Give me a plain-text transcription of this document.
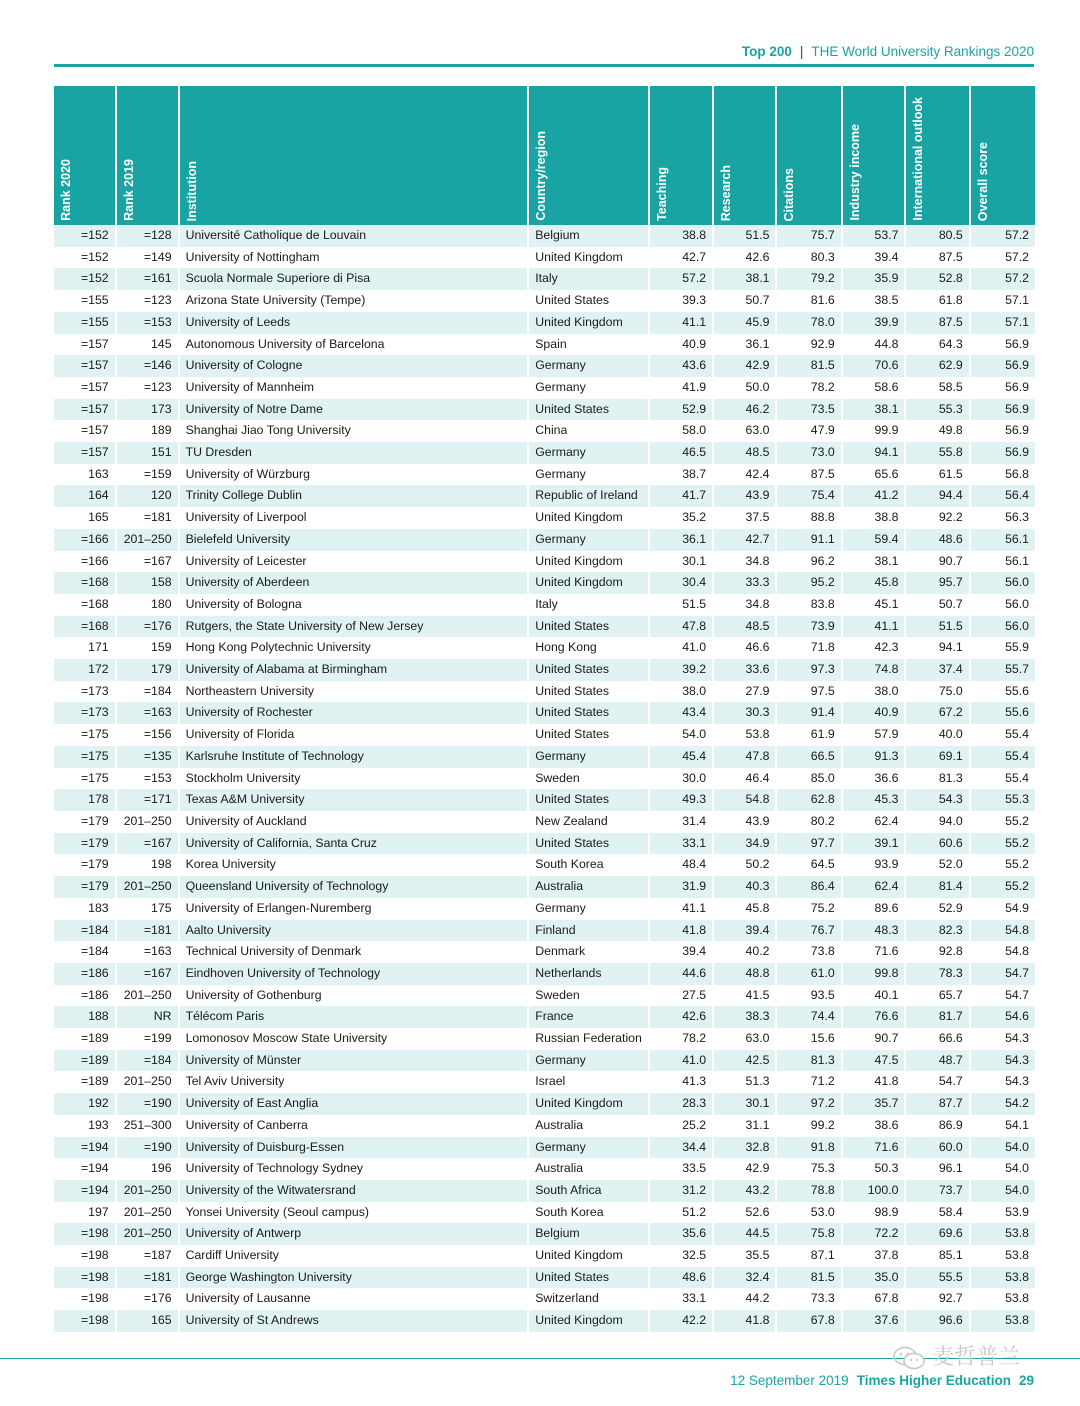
Top 200 | THE World University Rankings 2020
Rank 2020	Rank 2019	Institution	Country/region	Teaching	Research	Citations	Industry income	International outlook	Overall score

=152	=128	Université Catholique de Louvain	Belgium	38.8	51.5	75.7	53.7	80.5	57.2
=152	=149	University of Nottingham	United Kingdom	42.7	42.6	80.3	39.4	87.5	57.2
=152	=161	Scuola Normale Superiore di Pisa	Italy	57.2	38.1	79.2	35.9	52.8	57.2
=155	=123	Arizona State University (Tempe)	United States	39.3	50.7	81.6	38.5	61.8	57.1
=155	=153	University of Leeds	United Kingdom	41.1	45.9	78.0	39.9	87.5	57.1
=157	145	Autonomous University of Barcelona	Spain	40.9	36.1	92.9	44.8	64.3	56.9
=157	=146	University of Cologne	Germany	43.6	42.9	81.5	70.6	62.9	56.9
=157	=123	University of Mannheim	Germany	41.9	50.0	78.2	58.6	58.5	56.9
=157	173	University of Notre Dame	United States	52.9	46.2	73.5	38.1	55.3	56.9
=157	189	Shanghai Jiao Tong University	China	58.0	63.0	47.9	99.9	49.8	56.9
=157	151	TU Dresden	Germany	46.5	48.5	73.0	94.1	55.8	56.9
163	=159	University of Würzburg	Germany	38.7	42.4	87.5	65.6	61.5	56.8
164	120	Trinity College Dublin	Republic of Ireland	41.7	43.9	75.4	41.2	94.4	56.4
165	=181	University of Liverpool	United Kingdom	35.2	37.5	88.8	38.8	92.2	56.3
=166	201–250	Bielefeld University	Germany	36.1	42.7	91.1	59.4	48.6	56.1
=166	=167	University of Leicester	United Kingdom	30.1	34.8	96.2	38.1	90.7	56.1
=168	158	University of Aberdeen	United Kingdom	30.4	33.3	95.2	45.8	95.7	56.0
=168	180	University of Bologna	Italy	51.5	34.8	83.8	45.1	50.7	56.0
=168	=176	Rutgers, the State University of New Jersey	United States	47.8	48.5	73.9	41.1	51.5	56.0
171	159	Hong Kong Polytechnic University	Hong Kong	41.0	46.6	71.8	42.3	94.1	55.9
172	179	University of Alabama at Birmingham	United States	39.2	33.6	97.3	74.8	37.4	55.7
=173	=184	Northeastern University	United States	38.0	27.9	97.5	38.0	75.0	55.6
=173	=163	University of Rochester	United States	43.4	30.3	91.4	40.9	67.2	55.6
=175	=156	University of Florida	United States	54.0	53.8	61.9	57.9	40.0	55.4
=175	=135	Karlsruhe Institute of Technology	Germany	45.4	47.8	66.5	91.3	69.1	55.4
=175	=153	Stockholm University	Sweden	30.0	46.4	85.0	36.6	81.3	55.4
178	=171	Texas A&M University	United States	49.3	54.8	62.8	45.3	54.3	55.3
=179	201–250	University of Auckland	New Zealand	31.4	43.9	80.2	62.4	94.0	55.2
=179	=167	University of California, Santa Cruz	United States	33.1	34.9	97.7	39.1	60.6	55.2
=179	198	Korea University	South Korea	48.4	50.2	64.5	93.9	52.0	55.2
=179	201–250	Queensland University of Technology	Australia	31.9	40.3	86.4	62.4	81.4	55.2
183	175	University of Erlangen-Nuremberg	Germany	41.1	45.8	75.2	89.6	52.9	54.9
=184	=181	Aalto University	Finland	41.8	39.4	76.7	48.3	82.3	54.8
=184	=163	Technical University of Denmark	Denmark	39.4	40.2	73.8	71.6	92.8	54.8
=186	=167	Eindhoven University of Technology	Netherlands	44.6	48.8	61.0	99.8	78.3	54.7
=186	201–250	University of Gothenburg	Sweden	27.5	41.5	93.5	40.1	65.7	54.7
188	NR	Télécom Paris	France	42.6	38.3	74.4	76.6	81.7	54.6
=189	=199	Lomonosov Moscow State University	Russian Federation	78.2	63.0	15.6	90.7	66.6	54.3
=189	=184	University of Münster	Germany	41.0	42.5	81.3	47.5	48.7	54.3
=189	201–250	Tel Aviv University	Israel	41.3	51.3	71.2	41.8	54.7	54.3
192	=190	University of East Anglia	United Kingdom	28.3	30.1	97.2	35.7	87.7	54.2
193	251–300	University of Canberra	Australia	25.2	31.1	99.2	38.6	86.9	54.1
=194	=190	University of Duisburg-Essen	Germany	34.4	32.8	91.8	71.6	60.0	54.0
=194	196	University of Technology Sydney	Australia	33.5	42.9	75.3	50.3	96.1	54.0
=194	201–250	University of the Witwatersrand	South Africa	31.2	43.2	78.8	100.0	73.7	54.0
197	201–250	Yonsei University (Seoul campus)	South Korea	51.2	52.6	53.0	98.9	58.4	53.9
=198	201–250	University of Antwerp	Belgium	35.6	44.5	75.8	72.2	69.6	53.8
=198	=187	Cardiff University	United Kingdom	32.5	35.5	87.1	37.8	85.1	53.8
=198	=181	George Washington University	United States	48.6	32.4	81.5	35.0	55.5	53.8
=198	=176	University of Lausanne	Switzerland	33.1	44.2	73.3	67.8	92.7	53.8
=198	165	University of St Andrews	United Kingdom	42.2	41.8	67.8	37.6	96.6	53.8
麦哲普兰
12 September 2019 Times Higher Education 29
